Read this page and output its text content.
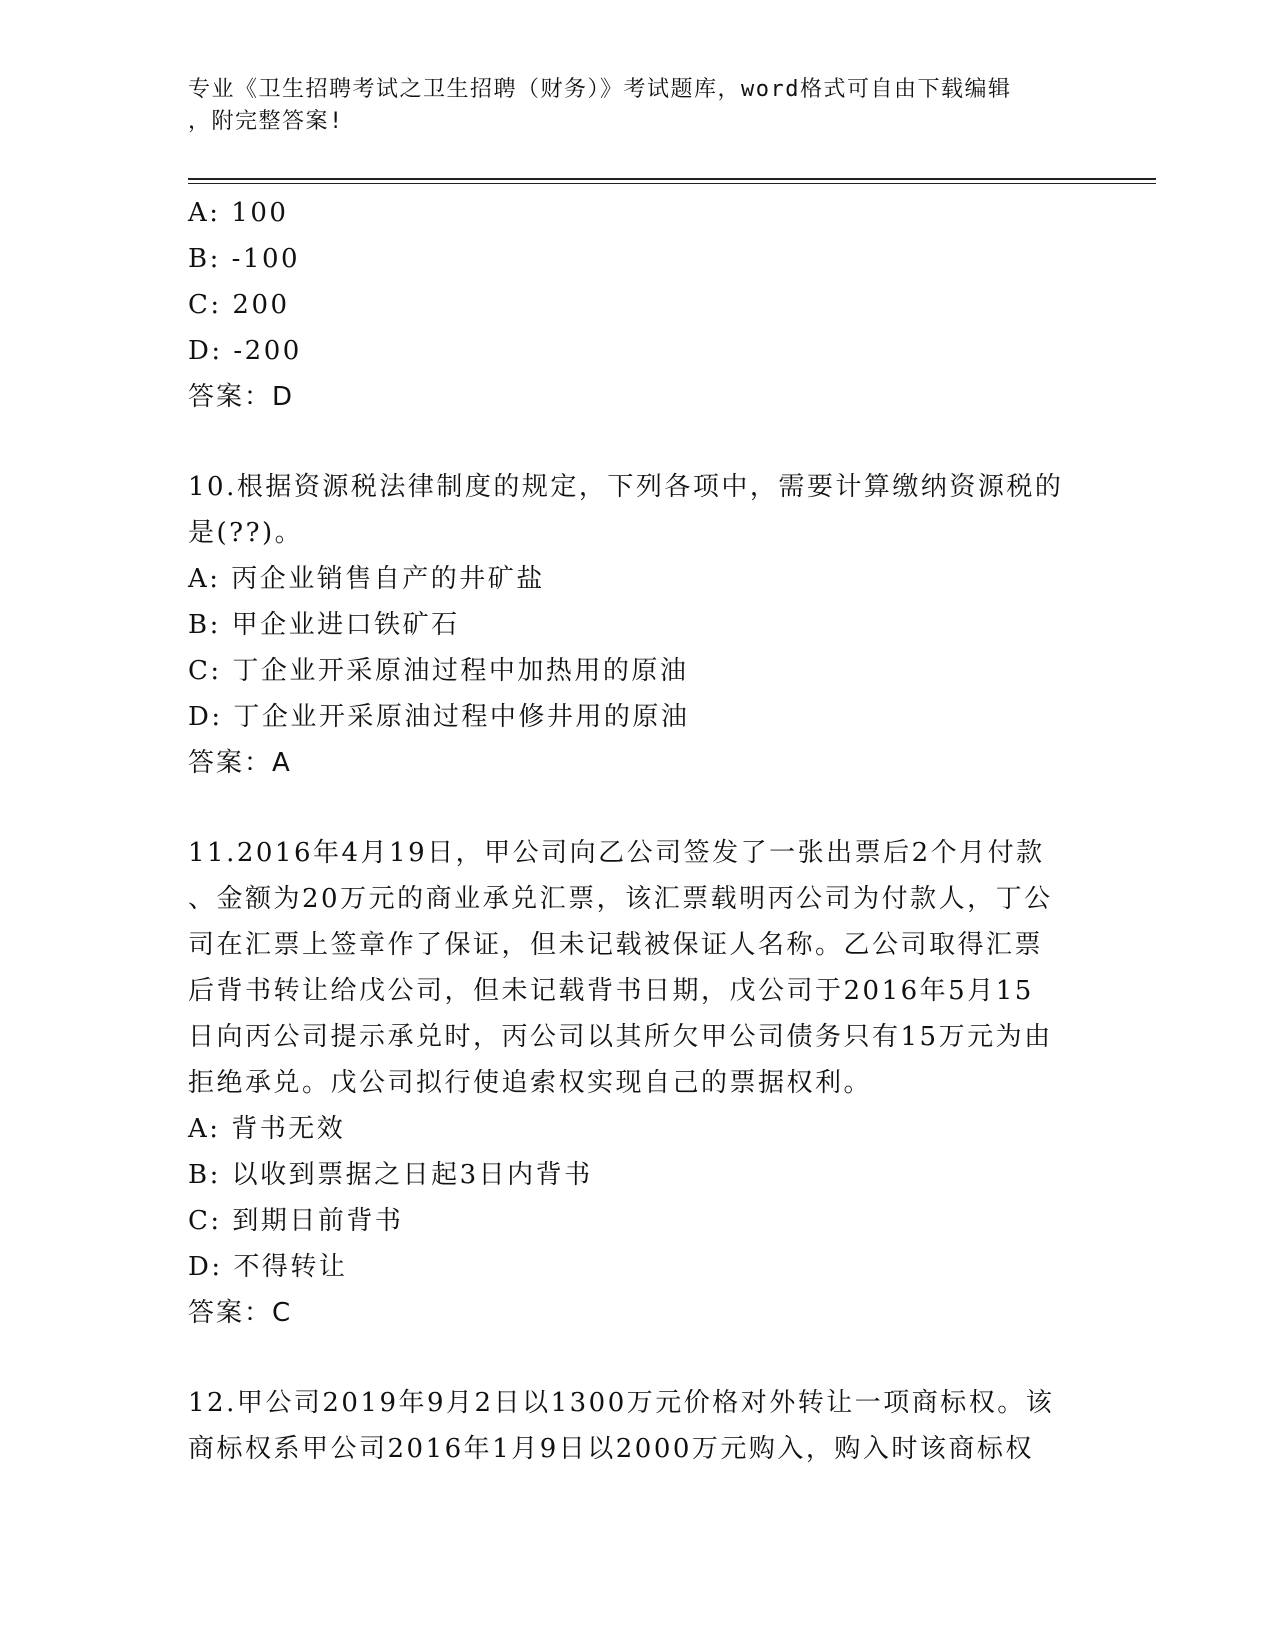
专业《卫生招聘考试之卫生招聘（财务）》考试题库，word格式可自由下载编辑
，附完整答案!
A: 100
B: -100
C: 200
D: -200
答案：D
10.根据资源税法律制度的规定，下列各项中，需要计算缴纳资源税的
是(??)。
A: 丙企业销售自产的井矿盐
B: 甲企业进口铁矿石
C: 丁企业开采原油过程中加热用的原油
D: 丁企业开采原油过程中修井用的原油
答案：A
11.2016年4月19日，甲公司向乙公司签发了一张出票后2个月付款
、金额为20万元的商业承兑汇票，该汇票载明丙公司为付款人，丁公
司在汇票上签章作了保证，但未记载被保证人名称。乙公司取得汇票
后背书转让给戊公司，但未记载背书日期，戊公司于2016年5月15
日向丙公司提示承兑时，丙公司以其所欠甲公司债务只有15万元为由
拒绝承兑。戊公司拟行使追索权实现自己的票据权利。
A: 背书无效
B: 以收到票据之日起3日内背书
C: 到期日前背书
D: 不得转让
答案：C
12.甲公司2019年9月2日以1300万元价格对外转让一项商标权。该
商标权系甲公司2016年1月9日以2000万元购入，购入时该商标权
